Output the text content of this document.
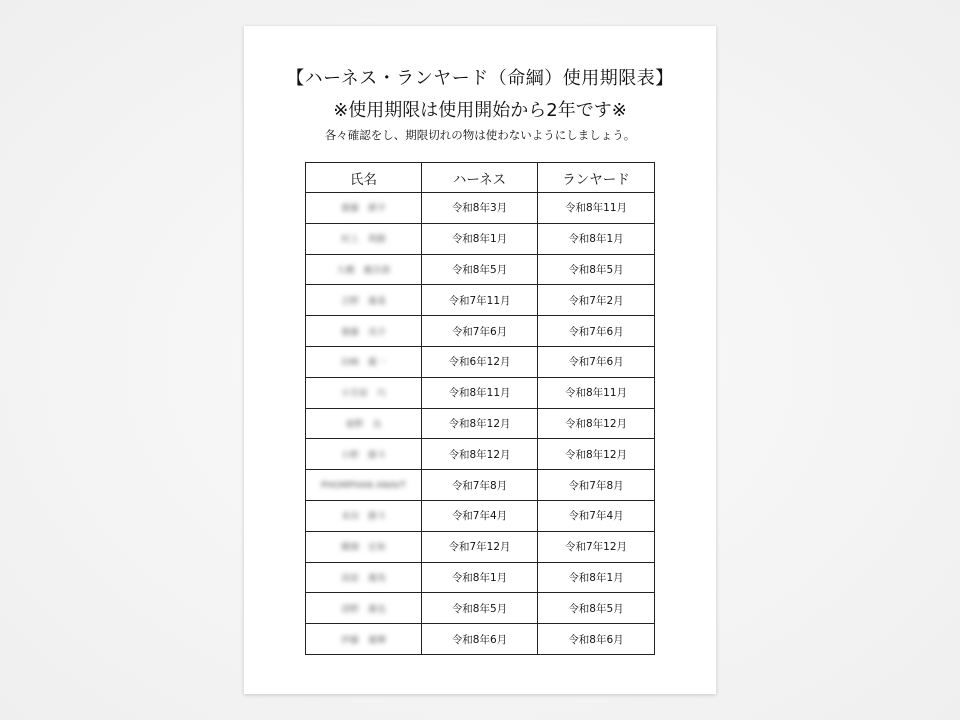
【ハーネス・ランヤード（命綱）使用期限表】
※使用期限は使用開始から2年です※
各々確認をし、期限切れの物は使わないようにしましょう。
氏名	ハーネス	ランヤード
齋藤　耕平	令和8年3月	令和8年11月
村上　利勝	令和8年1月	令和8年1月
大橋　慶次郎	令和8年5月	令和8年5月
吉野　雄基	令和7年11月	令和7年2月
齋藤　亮介	令和7年6月	令和7年6月
田崎　龍一	令和6年12月	令和7年6月
小笠原　巧	令和8年11月	令和8年11月
亜野　良	令和8年12月	令和8年12月
小野　勝斗	令和8年12月	令和8年12月
PHOMPHAN ANAVT	令和7年8月	令和7年8月
本田　勝斗	令和7年4月	令和7年4月
横畑　宏和	令和7年12月	令和7年12月
高原　雄馬	令和8年1月	令和8年1月
清野　雄也	令和8年5月	令和8年5月
伊藤　雄輝	令和8年6月	令和8年6月
